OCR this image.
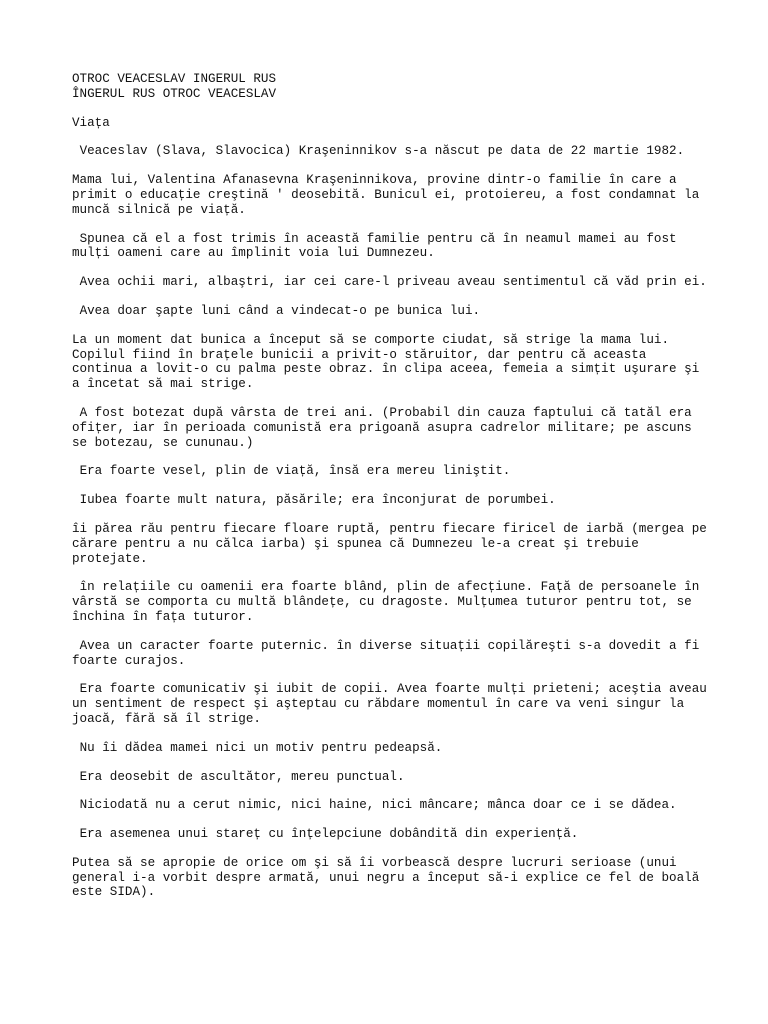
OTROC VEACESLAV INGERUL RUS
ÎNGERUL RUS OTROC VEACESLAV
Viața

Veaceslav (Slava, Slavocica) Kraşeninnikov s-a născut pe data de 22 martie 1982.

Mama lui, Valentina Afanasevna Kraşeninnikova, provine dintr-o familie în care a primit o educație creştină ' deosebită. Bunicul ei, protoiereu, a fost condamnat la muncă silnică pe viață.

Spunea că el a fost trimis în această familie pentru că în neamul mamei au fost mulți oameni care au împlinit voia lui Dumnezeu.

Avea ochii mari, albaştri, iar cei care-l priveau aveau sentimentul că văd prin ei.

Avea doar şapte luni când a vindecat-o pe bunica lui.

La un moment dat bunica a început să se comporte ciudat, să strige la mama lui. Copilul fiind în brațele bunicii a privit-o stăruitor, dar pentru că aceasta continua a lovit-o cu palma peste obraz. în clipa aceea, femeia a simțit uşurare şi a încetat să mai strige.

A fost botezat după vârsta de trei ani. (Probabil din cauza faptului că tatăl era ofițer, iar în perioada comunistă era prigoană asupra cadrelor militare; pe ascuns se botezau, se cununau.)

Era foarte vesel, plin de viață, însă era mereu liniştit.

Iubea foarte mult natura, păsările; era înconjurat de porumbei.

îi părea rău pentru fiecare floare ruptă, pentru fiecare firicel de iarbă (mergea pe cărare pentru a nu călca iarba) şi spunea că Dumnezeu le-a creat şi trebuie protejate.

în relațiile cu oamenii era foarte blând, plin de afecțiune. Față de persoanele în vârstă se comporta cu multă blândețe, cu dragoste. Mulțumea tuturor pentru tot, se închina în fața tuturor.

Avea un caracter foarte puternic. în diverse situații copilăreşti s-a dovedit a fi foarte curajos.

Era foarte comunicativ şi iubit de copii. Avea foarte mulți prieteni; aceştia aveau un sentiment de respect şi aşteptau cu răbdare momentul în care va veni singur la joacă, fără să îl strige.

Nu îi dădea mamei nici un motiv pentru pedeapsă.

Era deosebit de ascultător, mereu punctual.

Niciodată nu a cerut nimic, nici haine, nici mâncare; mânca doar ce i se dădea.

Era asemenea unui stareț cu înțelepciune dobândită din experiență.

Putea să se apropie de orice om şi să îi vorbească despre lucruri serioase (unui general i-a vorbit despre armată, unui negru a început să-i explice ce fel de boală este SIDA).
